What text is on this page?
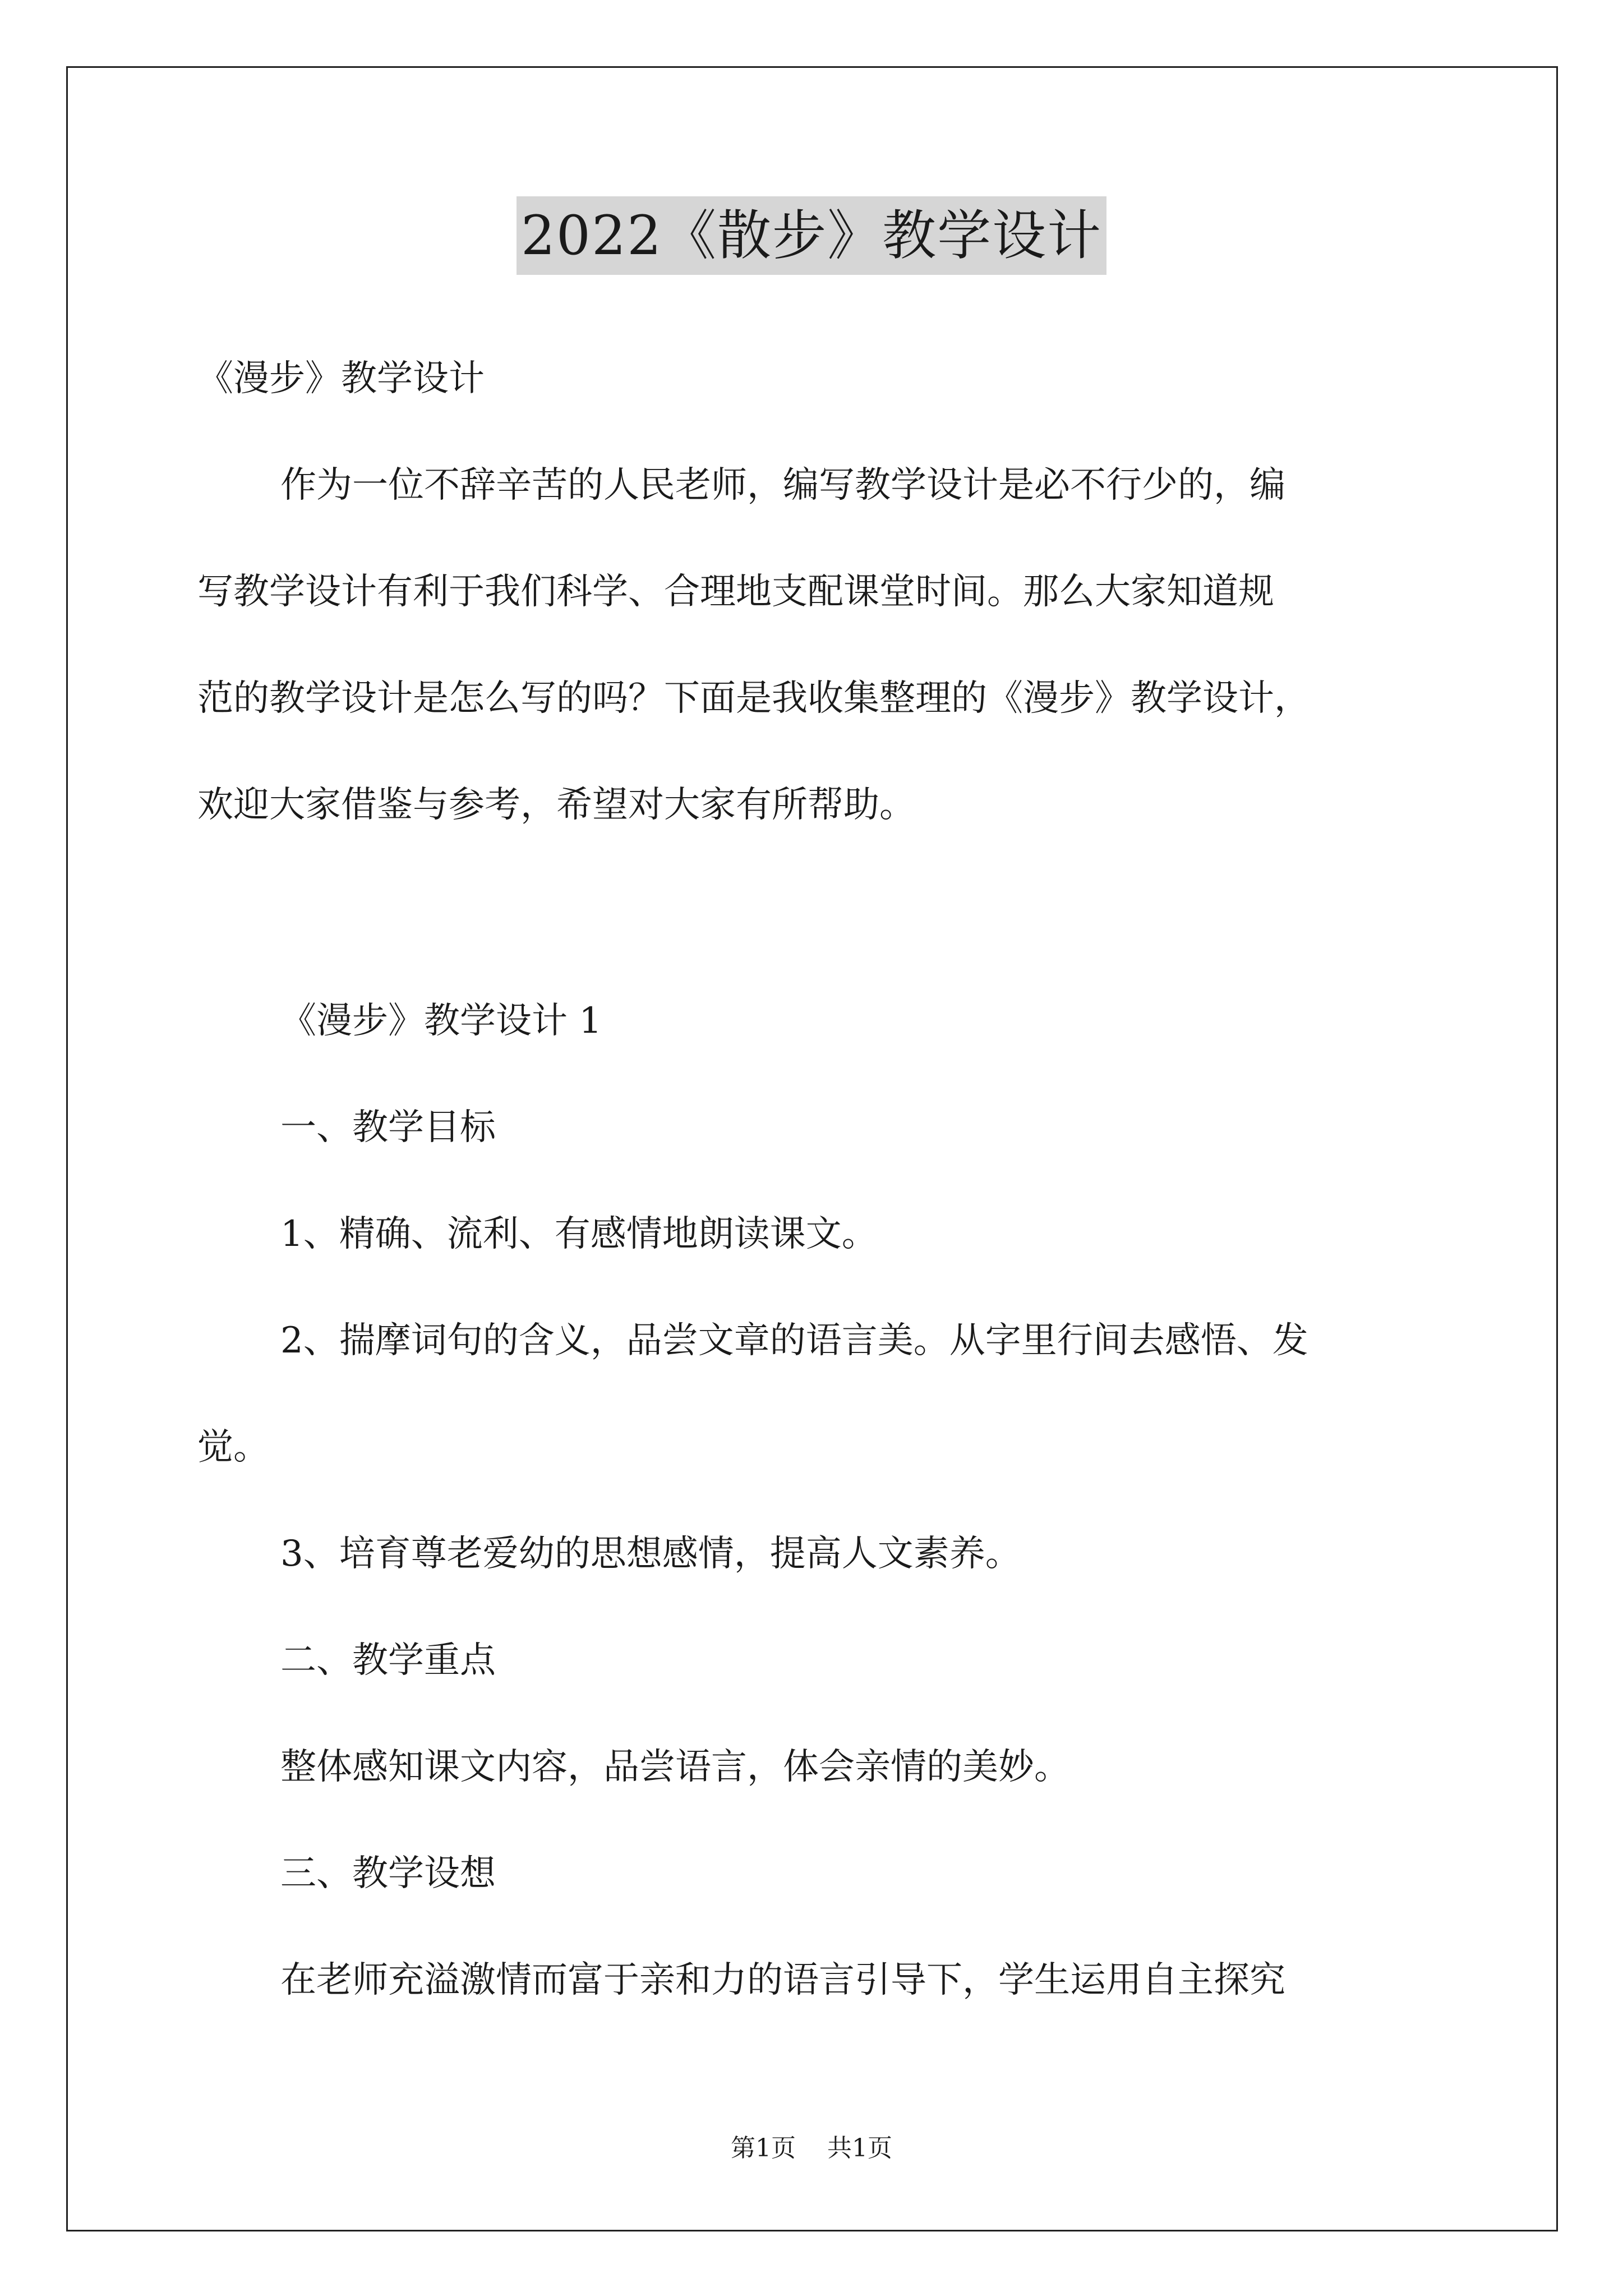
2022《散步》教学设计

《漫步》教学设计

作为一位不辞辛苦的人民老师，编写教学设计是必不行少的，编

写教学设计有利于我们科学、合理地支配课堂时间。那么大家知道规

范的教学设计是怎么写的吗？下面是我收集整理的《漫步》教学设计，

欢迎大家借鉴与参考，希望对大家有所帮助。

《漫步》教学设计 1

一、教学目标

1、精确、流利、有感情地朗读课文。

2、揣摩词句的含义，品尝文章的语言美。从字里行间去感悟、发

觉。

3、培育尊老爱幼的思想感情，提高人文素养。

二、教学重点

整体感知课文内容，品尝语言，体会亲情的美妙。

三、教学设想

在老师充溢激情而富于亲和力的语言引导下，学生运用自主探究

第1页    共1页
